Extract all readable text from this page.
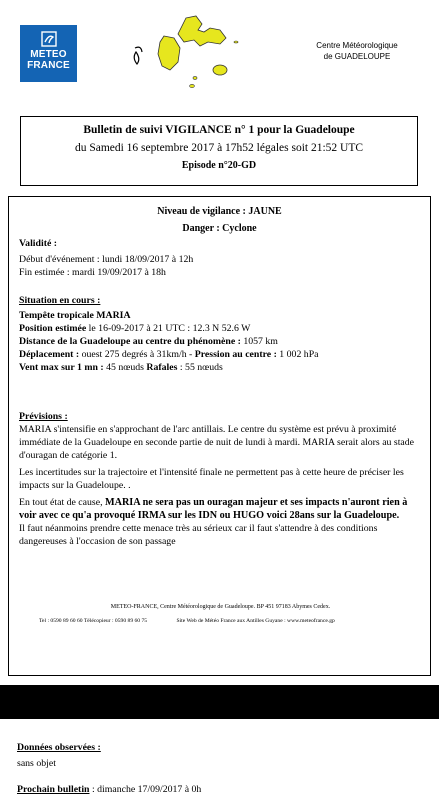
METEO
FRANCE
Centre Météorologique
de GUADELOUPE
Bulletin de suivi VIGILANCE n° 1 pour la Guadeloupe
du Samedi 16 septembre 2017 à 17h52 légales soit 21:52 UTC
Episode n°20-GD
Niveau de vigilance : JAUNE
Danger : Cyclone
Validité :
Début d'événement : lundi 18/09/2017 à 12h
Fin estimée : mardi 19/09/2017 à 18h
Situation en cours :
Tempête tropicale MARIA
Position estimée le 16-09-2017 à 21 UTC : 12.3 N 52.6 W
Distance de la Guadeloupe au centre du phénomène : 1057 km
Déplacement : ouest 275 degrés à 31km/h - Pression au centre : 1 002 hPa
Vent max sur 1 mn : 45 nœuds Rafales : 55 nœuds
Prévisions :
MARIA s'intensifie en s'approchant de l'arc antillais. Le centre du système est prévu à proximité immédiate de la Guadeloupe en seconde partie de nuit de lundi à mardi. MARIA serait alors au stade d'ouragan de catégorie 1.
Les incertitudes sur la trajectoire et l'intensité finale ne permettent pas à cette heure de préciser les impacts sur la Guadeloupe. .
En tout état de cause, MARIA ne sera pas un ouragan majeur et ses impacts n'auront rien à voir avec ce qu'a provoqué IRMA sur les IDN ou HUGO voici 28ans sur la Guadeloupe.
Il faut néanmoins prendre cette menace très au sérieux car il faut s'attendre à des conditions dangereuses à l'occasion de son passage
METEO-FRANCE, Centre Météorologique de Guadeloupe. BP 451 97183 Abymes Cedex.
Tel : 0590 89 60 60 Télécopieur : 0590 89 60 75	Site Web de Météo France aux Antilles Guyane : www.meteofrance.gp
Données observées :
sans objet
Prochain bulletin : dimanche 17/09/2017 à 0h
